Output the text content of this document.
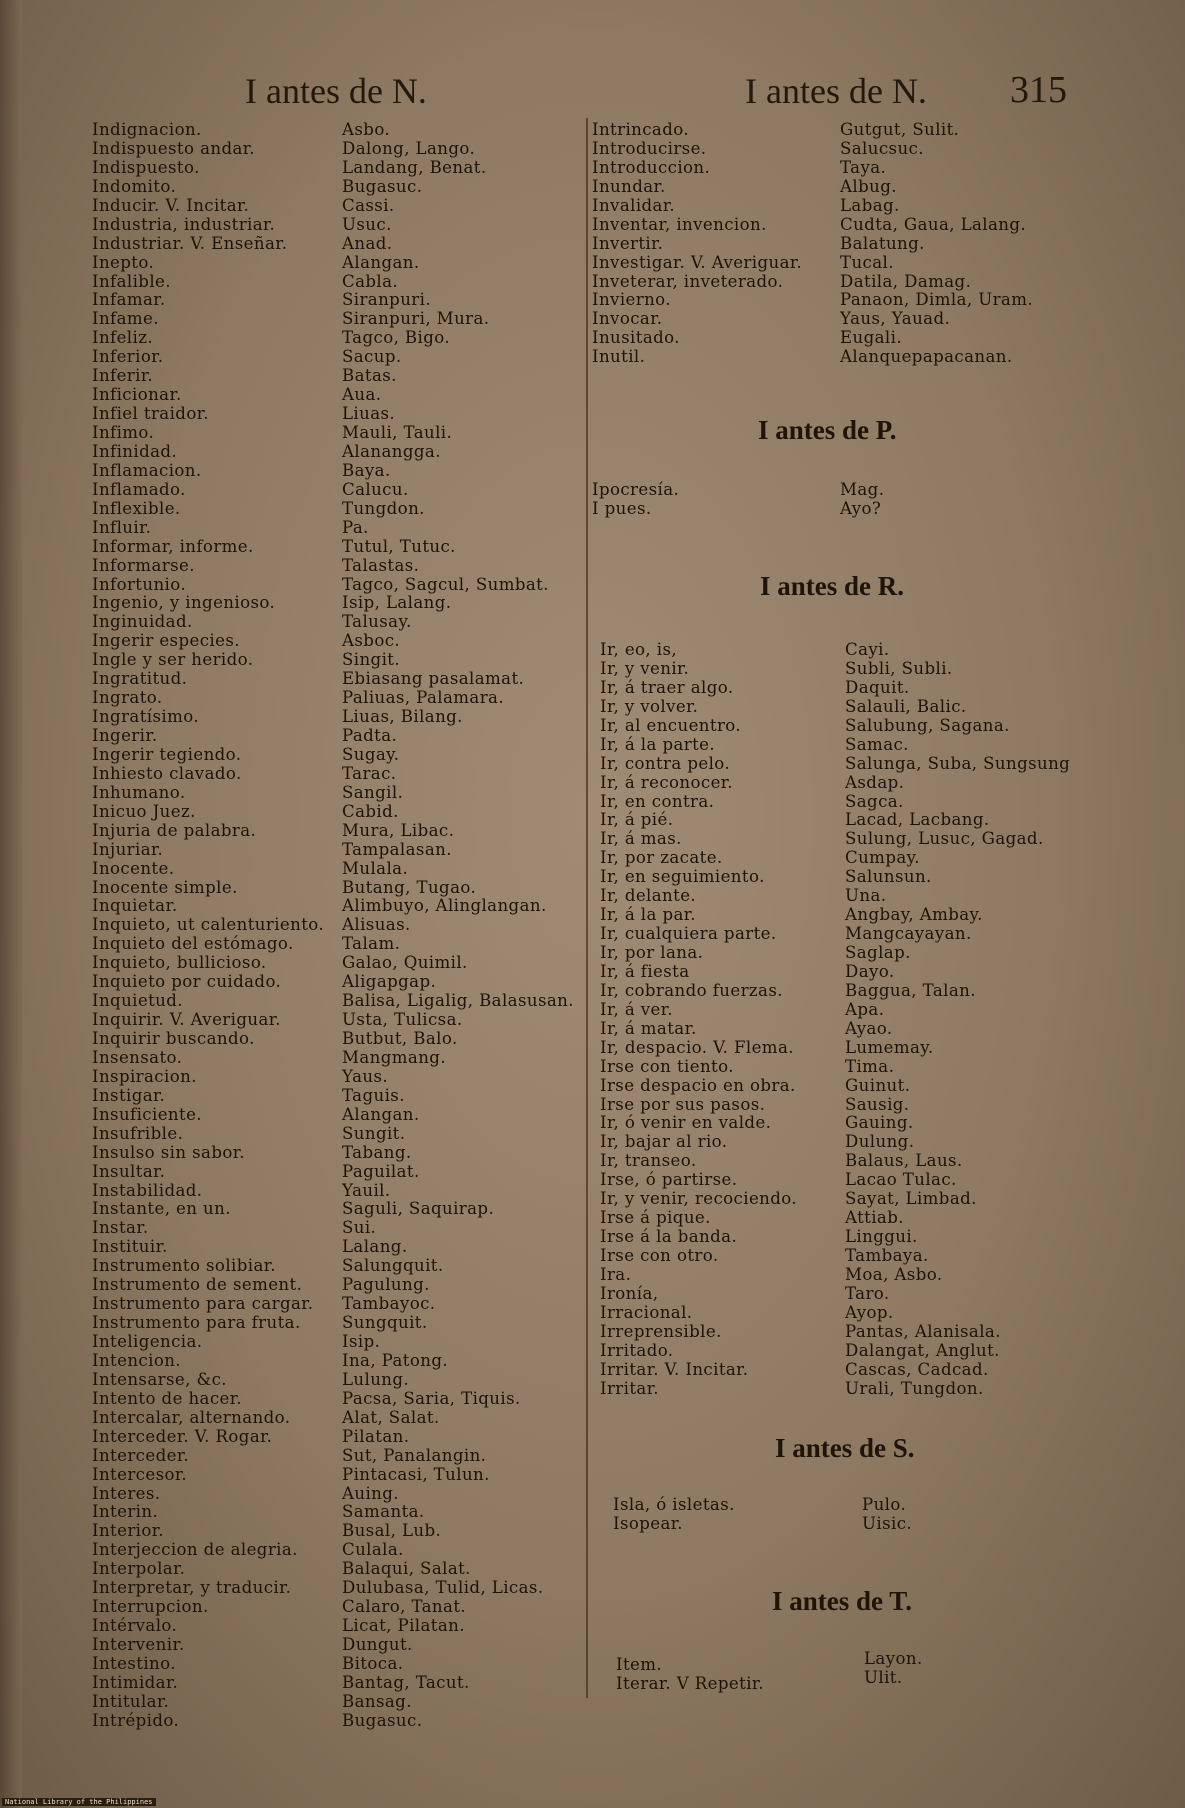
I antes de N.	I antes de N. 315
Indignacion.
Indispuesto andar.
Indispuesto.
Indomito.
Inducir. V. Incitar.
Industria, industriar.
Industriar. V. Enseñar.
Inepto.
Infalible.
Infamar.
Infame.
Infeliz.
Inferior.
Inferir.
Inficionar.
Infiel traidor.
Infimo.
Infinidad.
Inflamacion.
Inflamado.
Inflexible.
Influir.
Informar, informe.
Informarse.
Infortunio.
Ingenio, y ingenioso.
Inginuidad.
Ingerir especies.
Ingle y ser herido.
Ingratitud.
Ingrato.
Ingratísimo.
Ingerir.
Ingerir tegiendo.
Inhiesto clavado.
Inhumano.
Inicuo Juez.
Injuria de palabra.
Injuriar.
Inocente.
Inocente simple.
Inquietar.
Inquieto, ut calenturiento.
Inquieto del estómago.
Inquieto, bullicioso.
Inquieto por cuidado.
Inquietud.
Inquirir. V. Averiguar.
Inquirir buscando.
Insensato.
Inspiracion.
Instigar.
Insuficiente.
Insufrible.
Insulso sin sabor.
Insultar.
Instabilidad.
Instante, en un.
Instar.
Instituir.
Instrumento solibiar.
Instrumento de sement.
Instrumento para cargar.
Instrumento para fruta.
Inteligencia.
Intencion.
Intensarse, &c.
Intento de hacer.
Intercalar, alternando.
Interceder. V. Rogar.
Interceder.
Intercesor.
Interes.
Interin.
Interior.
Interjeccion de alegria.
Interpolar.
Interpretar, y traducir.
Interrupcion.
Intérvalo.
Intervenir.
Intestino.
Intimidar.
Intitular.
Intrépido.
Asbo.
Dalong, Lango.
Landang, Benat.
Bugasuc.
Cassi.
Usuc.
Anad.
Alangan.
Cabla.
Siranpuri.
Siranpuri, Mura.
Tagco, Bigo.
Sacup.
Batas.
Aua.
Liuas.
Mauli, Tauli.
Alanangga.
Baya.
Calucu.
Tungdon.
Pa.
Tutul, Tutuc.
Talastas.
Tagco, Sagcul, Sumbat.
Isip, Lalang.
Talusay.
Asboc.
Singit.
Ebiasang pasalamat.
Paliuas, Palamara.
Liuas, Bilang.
Padta.
Sugay.
Tarac.
Sangil.
Cabid.
Mura, Libac.
Tampalasan.
Mulala.
Butang, Tugao.
Alimbuyo, Alinglangan.
Alisuas.
Talam.
Galao, Quimil.
Aligapgap.
Balisa, Ligalig, Balasusan.
Usta, Tulicsa.
Butbut, Balo.
Mangmang.
Yaus.
Taguis.
Alangan.
Sungit.
Tabang.
Paguilat.
Yauil.
Saguli, Saquirap.
Sui.
Lalang.
Salungquit.
Pagulung.
Tambayoc.
Sungquit.
Isip.
Ina, Patong.
Lulung.
Pacsa, Saria, Tiquis.
Alat, Salat.
Pilatan.
Sut, Panalangin.
Pintacasi, Tulun.
Auing.
Samanta.
Busal, Lub.
Culala.
Balaqui, Salat.
Dulubasa, Tulid, Licas.
Calaro, Tanat.
Licat, Pilatan.
Dungut.
Bitoca.
Bantag, Tacut.
Bansag.
Bugasuc.
Intrincado.
Introducirse.
Introduccion.
Inundar.
Invalidar.
Inventar, invencion.
Invertir.
Investigar. V. Averiguar.
Inveterar, inveterado.
Invierno.
Invocar.
Inusitado.
Inutil.
Gutgut, Sulit.
Salucsuc.
Taya.
Albug.
Labag.
Cudta, Gaua, Lalang.
Balatung.
Tucal.
Datila, Damag.
Panaon, Dimla, Uram.
Yaus, Yauad.
Eugali.
Alanquepapacanan.
I antes de P.
Ipocresía.
I pues.
Mag.
Ayo?
I antes de R.
Ir, eo, is,
Ir, y venir.
Ir, á traer algo.
Ir, y volver.
Ir, al encuentro.
Ir, á la parte.
Ir, contra pelo.
Ir, á reconocer.
Ir, en contra.
Ir, á pié.
Ir, á mas.
Ir, por zacate.
Ir, en seguimiento.
Ir, delante.
Ir, á la par.
Ir, cualquiera parte.
Ir, por lana.
Ir, á fiesta
Ir, cobrando fuerzas.
Ir, á ver.
Ir, á matar.
Ir, despacio. V. Flema.
Irse con tiento.
Irse despacio en obra.
Irse por sus pasos.
Ir, ó venir en valde.
Ir, bajar al rio.
Ir, transeo.
Irse, ó partirse.
Ir, y venir, recociendo.
Irse á pique.
Irse á la banda.
Irse con otro.
Ira.
Ironía,
Irracional.
Irreprensible.
Irritado.
Irritar. V. Incitar.
Irritar.
Cayi.
Subli, Subli.
Daquit.
Salauli, Balic.
Salubung, Sagana.
Samac.
Salunga, Suba, Sungsung
Asdap.
Sagca.
Lacad, Lacbang.
Sulung, Lusuc, Gagad.
Cumpay.
Salunsun.
Una.
Angbay, Ambay.
Mangcayayan.
Saglap.
Dayo.
Baggua, Talan.
Apa.
Ayao.
Lumemay.
Tima.
Guinut.
Sausig.
Gauing.
Dulung.
Balaus, Laus.
Lacao Tulac.
Sayat, Limbad.
Attiab.
Linggui.
Tambaya.
Moa, Asbo.
Taro.
Ayop.
Pantas, Alanisala.
Dalangat, Anglut.
Cascas, Cadcad.
Urali, Tungdon.
I antes de S.
Isla, ó isletas.
Isopear.
Pulo.
Uisic.
I antes de T.
Item.
Iterar. V Repetir.
Layon.
Ulit.
National Library of the Philippines
